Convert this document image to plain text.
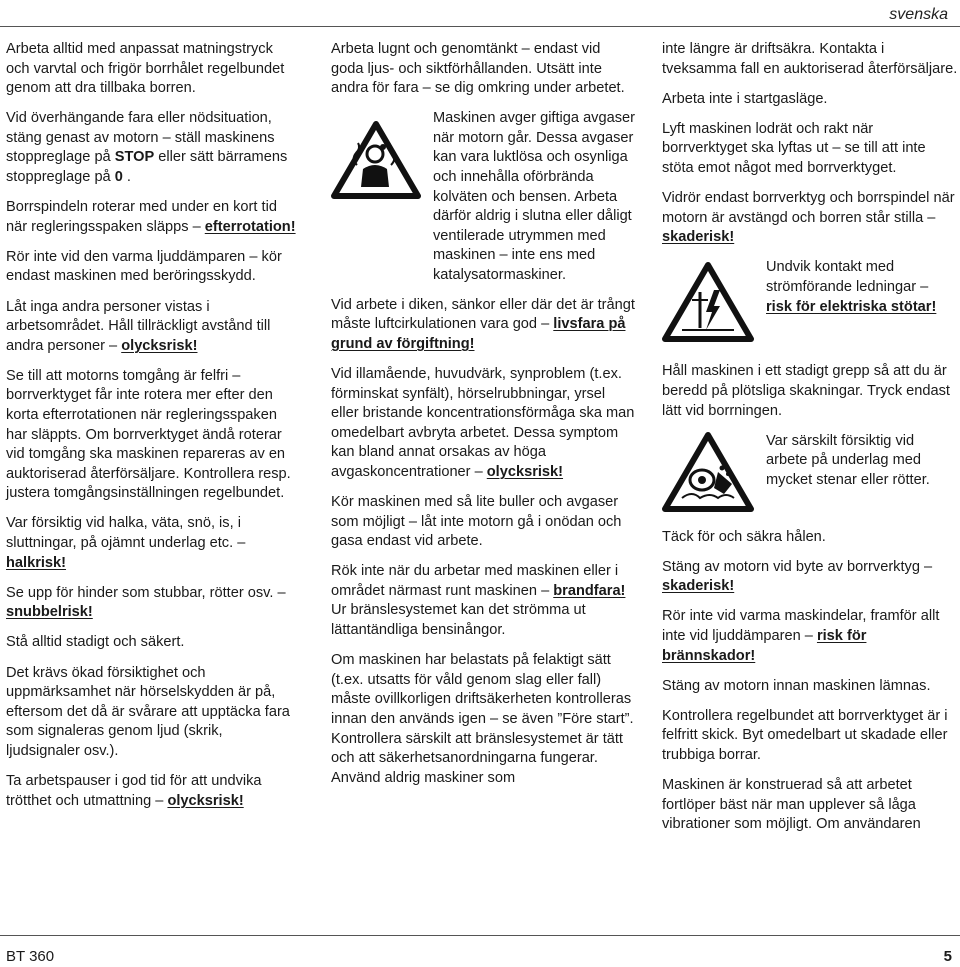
svenska

Arbeta alltid med anpassat matningstryck och varvtal och frigör borrhålet regelbundet genom att dra tillbaka borren.

Vid överhängande fara eller nödsituation, stäng genast av motorn – ställ maskinens stoppreglage på STOP eller sätt bärramens stoppreglage på 0 .

Borrspindeln roterar med under en kort tid när regleringsspaken släpps – efterrotation!

Rör inte vid den varma ljuddämparen – kör endast maskinen med beröringsskydd.

Låt inga andra personer vistas i arbetsområdet. Håll tillräckligt avstånd till andra personer – olycksrisk!

Se till att motorns tomgång är felfri – borrverktyget får inte rotera mer efter den korta efterrotationen när regleringsspaken har släppts. Om borrverktyget ändå roterar vid tomgång ska maskinen repareras av en auktoriserad återförsäljare. Kontrollera resp. justera tomgångsinställningen regelbundet.

Var försiktig vid halka, väta, snö, is, i sluttningar, på ojämnt underlag etc. – halkrisk!

Se upp för hinder som stubbar, rötter osv. – snubbelrisk!

Stå alltid stadigt och säkert.

Det krävs ökad försiktighet och uppmärksamhet när hörselskydden är på, eftersom det då är svårare att upptäcka fara som signaleras genom ljud (skrik, ljudsignaler osv.).

Ta arbetspauser i god tid för att undvika trötthet och utmattning – olycksrisk!

Arbeta lugnt och genomtänkt – endast vid goda ljus- och siktförhållanden. Utsätt inte andra för fara – se dig omkring under arbetet.

Maskinen avger giftiga avgaser när motorn går. Dessa avgaser kan vara luktlösa och osynliga och innehålla oförbrända kolväten och bensen. Arbeta därför aldrig i slutna eller dåligt ventilerade utrymmen med maskinen – inte ens med katalysatormaskiner.

Vid arbete i diken, sänkor eller där det är trångt måste luftcirkulationen vara god – livsfara på grund av förgiftning!

Vid illamående, huvudvärk, synproblem (t.ex. förminskat synfält), hörselrubbningar, yrsel eller bristande koncentrationsförmåga ska man omedelbart avbryta arbetet. Dessa symptom kan bland annat orsakas av höga avgaskoncentrationer – olycksrisk!

Kör maskinen med så lite buller och avgaser som möjligt – låt inte motorn gå i onödan och gasa endast vid arbete.

Rök inte när du arbetar med maskinen eller i området närmast runt maskinen – brandfara! Ur bränslesystemet kan det strömma ut lättantändliga bensinångor.

Om maskinen har belastats på felaktigt sätt (t.ex. utsatts för våld genom slag eller fall) måste ovillkorligen driftsäkerheten kontrolleras innan den används igen – se även ”Före start”. Kontrollera särskilt att bränslesystemet är tätt och att säkerhetsanordningarna fungerar. Använd aldrig maskiner som

inte längre är driftsäkra. Kontakta i tveksamma fall en auktoriserad återförsäljare.

Arbeta inte i startgasläge.

Lyft maskinen lodrät och rakt när borrverktyget ska lyftas ut – se till att inte stöta emot något med borrverktyget.

Vidrör endast borrverktyg och borrspindel när motorn är avstängd och borren står stilla – skaderisk!

Undvik kontakt med strömförande ledningar – risk för elektriska stötar!

Håll maskinen i ett stadigt grepp så att du är beredd på plötsliga skakningar. Tryck endast lätt vid borrningen.

Var särskilt försiktig vid arbete på underlag med mycket stenar eller rötter.

Täck för och säkra hålen.

Stäng av motorn vid byte av borrverktyg – skaderisk!

Rör inte vid varma maskindelar, framför allt inte vid ljuddämparen – risk för brännskador!

Stäng av motorn innan maskinen lämnas.

Kontrollera regelbundet att borrverktyget är i felfritt skick. Byt omedelbart ut skadade eller trubbiga borrar.

Maskinen är konstruerad så att arbetet fortlöper bäst när man upplever så låga vibrationer som möjligt. Om användaren

BT 360	5
